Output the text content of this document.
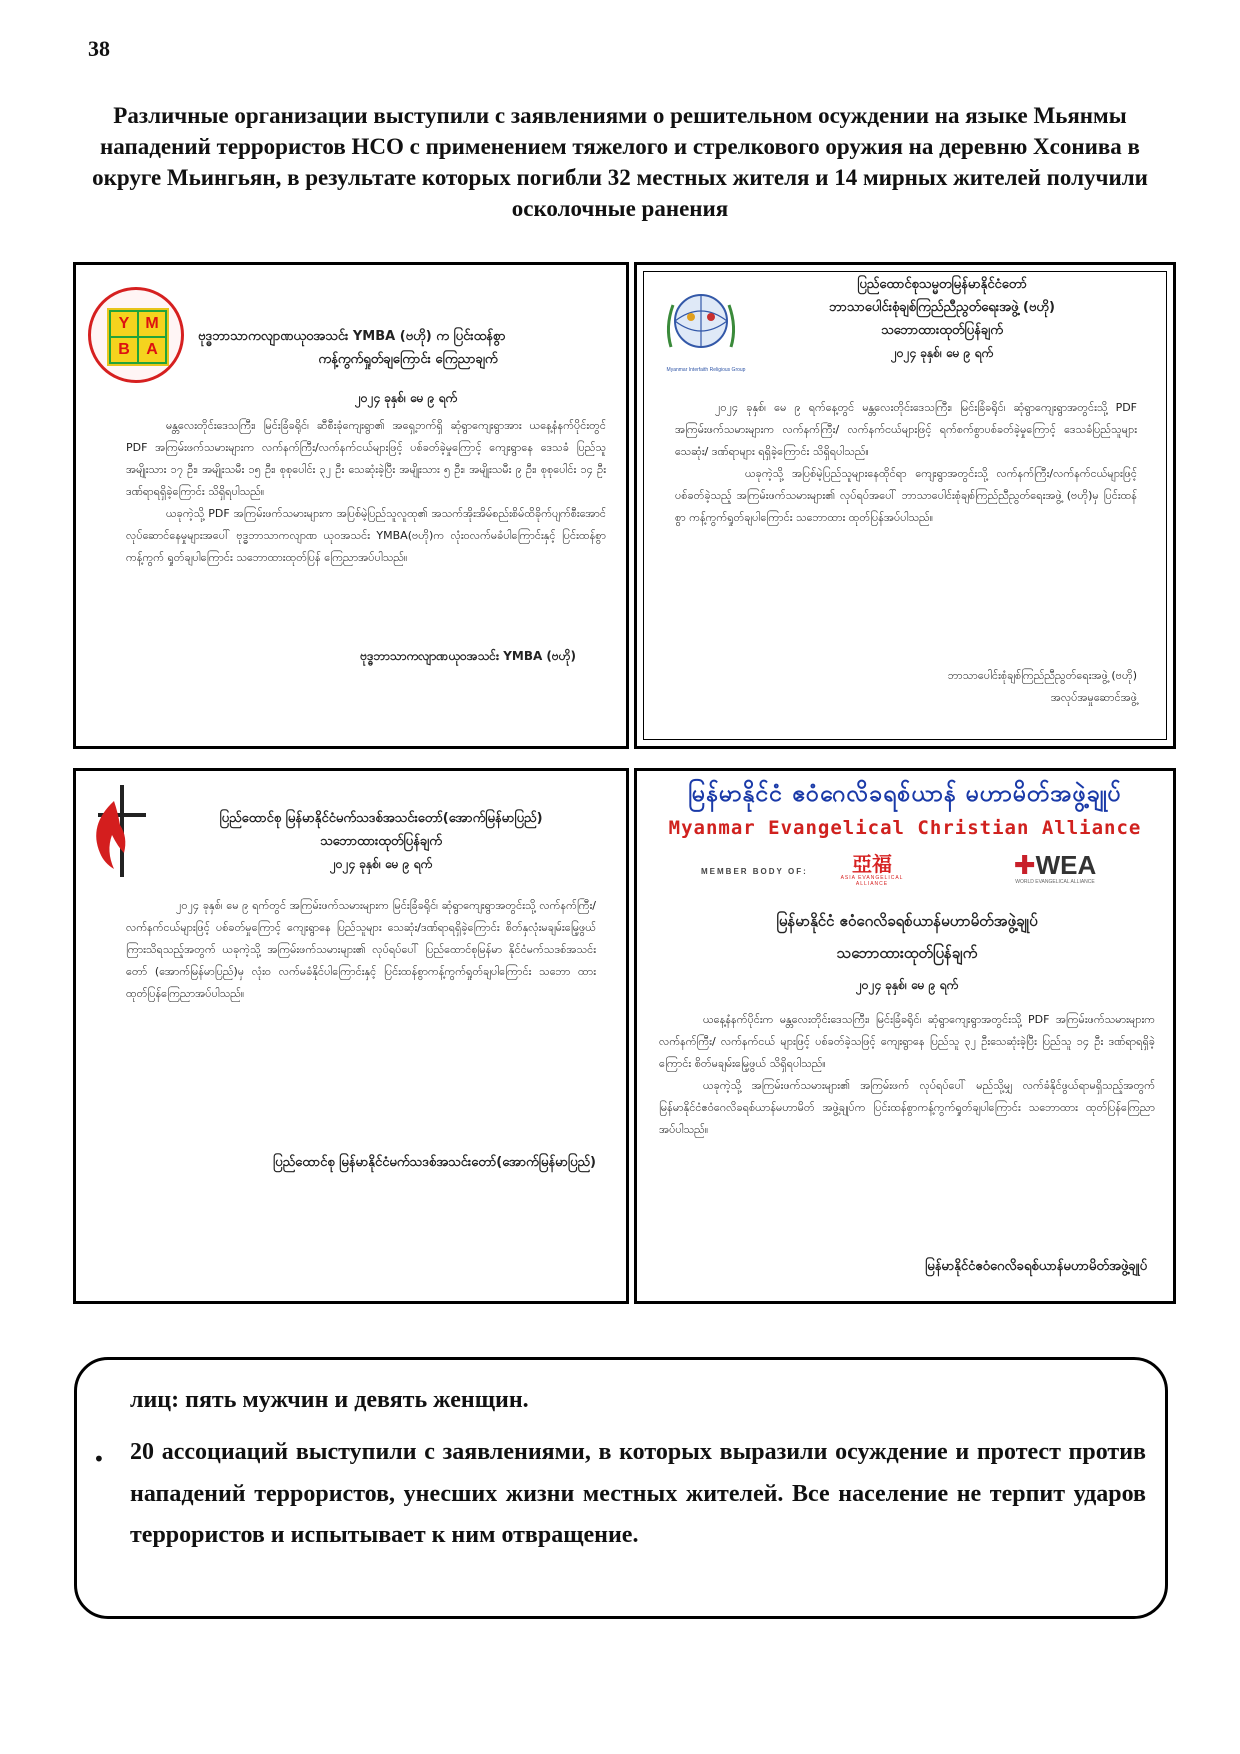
38
Различные организации выступили с заявлениями о решительном осуждении на языке Мьянмы нападений террористов НСО с применением тяжелого и стрелкового оружия на деревню Хсонива в округе Мьингьян, в результате которых погибли 32 местных жителя и 14 мирных жителей получили осколочные ранения
Y	M
B	A
ဗုဒ္ဓဘာသာကလျာဏယုဝအသင်း YMBA (ဗဟို) က ပြင်းထန်စွာ
ကန့်ကွက်ရှုတ်ချကြောင်း ကြေညာချက်
၂၀၂၄ ခုနှစ်၊ မေ ၉ ရက်
မန္တလေးတိုင်းဒေသကြီး၊ မြင်းခြံခရိုင်၊ ဆီစီးခုံကျေးရွာ၏ အရှေ့ဘက်ရှိ ဆုံရွာကျေးရွာအား ယနေ့နံနက်ပိုင်းတွင် PDF အကြမ်းဖက်သမားများက လက်နက်ကြီး/လက်နက်ငယ်များဖြင့် ပစ်ခတ်ခဲ့မှုကြောင့် ကျေးရွာနေ ဒေသခံ ပြည်သူ အမျိုးသား ၁၇ ဦး၊ အမျိုးသမီး ၁၅ ဦး၊ စုစုပေါင်း ၃၂ ဦး သေဆုံးခဲ့ပြီး အမျိုးသား ၅ ဦး၊ အမျိုးသမီး ၉ ဦး၊ စုစုပေါင်း ၁၄ ဦး ဒဏ်ရာရရှိခဲ့ကြောင်း သိရှိရပါသည်။
ယခုကဲ့သို့ PDF အကြမ်းဖက်သမားများက အပြစ်မဲ့ပြည်သူလူထု၏ အသက်အိုးအိမ်စည်းစိမ်ထိခိုက်ပျက်စီးအောင် လုပ်ဆောင်နေမှုများအပေါ် ဗုဒ္ဓဘာသာကလျာဏ ယုဝအသင်း YMBA(ဗဟို)က လုံးဝလက်မခံပါကြောင်းနှင့် ပြင်းထန်စွာ ကန့်ကွက် ရှုတ်ချပါကြောင်း သဘောထားထုတ်ပြန် ကြေညာအပ်ပါသည်။
ဗုဒ္ဓဘာသာကလျာဏယုဝအသင်း YMBA (ဗဟို)
Myanmar Interfaith Religious Group
ပြည်ထောင်စုသမ္မတမြန်မာနိုင်ငံတော်
ဘာသာပေါင်းစုံချစ်ကြည်ညီညွတ်ရေးအဖွဲ့ (ဗဟို)
သဘောထားထုတ်ပြန်ချက်
၂၀၂၄ ခုနှစ်၊ မေ ၉ ရက်
၂၀၂၄ ခုနှစ်၊ မေ ၉ ရက်နေ့တွင် မန္တလေးတိုင်းဒေသကြီး၊ မြင်းခြံခရိုင်၊ ဆုံရွာကျေးရွာအတွင်းသို့ PDF အကြမ်းဖက်သမားများက လက်နက်ကြီး/ လက်နက်ငယ်များဖြင့် ရက်စက်စွာပစ်ခတ်ခဲ့မှုကြောင့် ဒေသခံပြည်သူများ သေဆုံး/ ဒဏ်ရာများ ရရှိခဲ့ကြောင်း သိရှိရပါသည်။
ယခုကဲ့သို့ အပြစ်မဲ့ပြည်သူများနေထိုင်ရာ ကျေးရွာအတွင်းသို့ လက်နက်ကြီး/လက်နက်ငယ်များဖြင့် ပစ်ခတ်ခဲ့သည့် အကြမ်းဖက်သမားများ၏ လုပ်ရပ်အပေါ် ဘာသာပေါင်းစုံချစ်ကြည်ညီညွတ်ရေးအဖွဲ့ (ဗဟို)မှ ပြင်းထန်စွာ ကန့်ကွက်ရှုတ်ချပါကြောင်း သဘောထား ထုတ်ပြန်အပ်ပါသည်။
ဘာသာပေါင်းစုံချစ်ကြည်ညီညွတ်ရေးအဖွဲ့ (ဗဟို)
အလုပ်အမှုဆောင်အဖွဲ့
ပြည်ထောင်စု မြန်မာနိုင်ငံမက်သဒစ်အသင်းတော်(အောက်မြန်မာပြည်)
သဘောထားထုတ်ပြန်ချက်
၂၀၂၄ ခုနှစ်၊ မေ ၉ ရက်
၂၀၂၄ ခုနှစ်၊ မေ ၉ ရက်တွင် အကြမ်းဖက်သမားများက မြင်းခြံခရိုင်၊ ဆုံရွာကျေးရွာအတွင်းသို့ လက်နက်ကြီး/လက်နက်ငယ်များဖြင့် ပစ်ခတ်မှုကြောင့် ကျေးရွာနေ ပြည်သူများ သေဆုံး/ဒဏ်ရာရရှိခဲ့ကြောင်း စိတ်နှလုံးမချမ်းမြေ့ဖွယ် ကြားသိရသည့်အတွက် ယခုကဲ့သို့ အကြမ်းဖက်သမားများ၏ လုပ်ရပ်ပေါ် ပြည်ထောင်စုမြန်မာ နိုင်ငံမက်သဒစ်အသင်းတော် (အောက်မြန်မာပြည်)မှ လုံးဝ လက်မခံနိုင်ပါကြောင်းနှင့် ပြင်းထန်စွာကန့်ကွက်ရှုတ်ချပါကြောင်း သဘော ထားထုတ်ပြန်ကြေညာအပ်ပါသည်။
ပြည်ထောင်စု မြန်မာနိုင်ငံမက်သဒစ်အသင်းတော်(အောက်မြန်မာပြည်)
မြန်မာနိုင်ငံ ဧဝံဂေလိခရစ်ယာန် မဟာမိတ်အဖွဲ့ချုပ်
Myanmar Evangelical Christian Alliance
MEMBER BODY OF:	亞福
ASIA EVANGELICAL ALLIANCE
✚WEA
WORLD EVANGELICAL ALLIANCE
မြန်မာနိုင်ငံ ဧဝံဂေလိခရစ်ယာန်မဟာမိတ်အဖွဲ့ချုပ်
သဘောထားထုတ်ပြန်ချက်
၂၀၂၄ ခုနှစ်၊ မေ ၉ ရက်
ယနေ့နံနက်ပိုင်းက မန္တလေးတိုင်းဒေသကြီး၊ မြင်းခြံခရိုင်၊ ဆုံရွာကျေးရွာအတွင်းသို့ PDF အကြမ်းဖက်သမားများက လက်နက်ကြီး/ လက်နက်ငယ် များဖြင့် ပစ်ခတ်ခဲ့သဖြင့် ကျေးရွာနေ ပြည်သူ ၃၂ ဦးသေဆုံးခဲ့ပြီး ပြည်သူ ၁၄ ဦး ဒဏ်ရာရရှိခဲ့ကြောင်း စိတ်မချမ်းမြေ့ဖွယ် သိရှိရပါသည်။
ယခုကဲ့သို့ အကြမ်းဖက်သမားများ၏ အကြမ်းဖက် လုပ်ရပ်ပေါ် မည်သို့မျှ လက်ခံနိုင်ဖွယ်ရာမရှိသည့်အတွက် မြန်မာနိုင်ငံဧဝံဂေလိခရစ်ယာန်မဟာမိတ် အဖွဲ့ချုပ်က ပြင်းထန်စွာကန့်ကွက်ရှုတ်ချပါကြောင်း သဘောထား ထုတ်ပြန်ကြေညာ အပ်ပါသည်။
မြန်မာနိုင်ငံဧဝံဂေလိခရစ်ယာန်မဟာမိတ်အဖွဲ့ချုပ်
лиц: пять мужчин и девять женщин.
• 20 ассоциаций выступили с заявлениями, в которых выразили осуждение и протест против нападений террористов, унесших жизни местных жителей. Все население не терпит ударов террористов и испытывает к ним отвращение.
